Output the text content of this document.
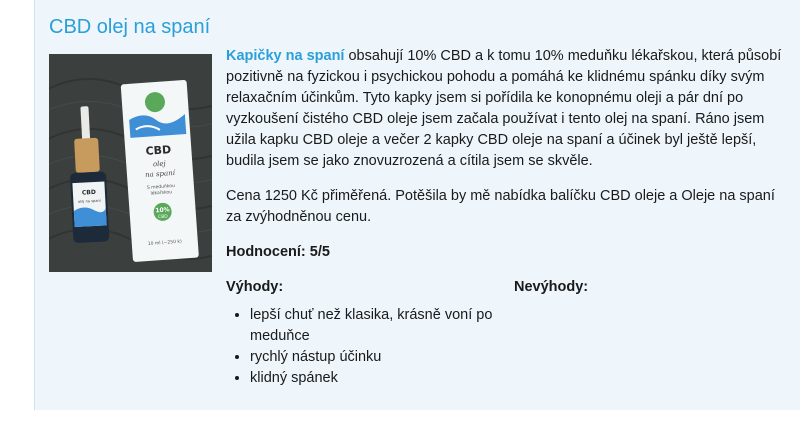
CBD olej na spaní
CBD
olej
na spaní
S meduňkou
lékařskou
10%
CBD
10 ml (~250 k)
CBD
olej na spaní

Kapičky na spaní obsahují 10% CBD a k tomu 10% meduňku lékařskou, která působí pozitivně na fyzickou i psychickou pohodu a pomáhá ke klidnému spánku díky svým relaxačním účinkům. Tyto kapky jsem si pořídila ke konopnému oleji a pár dní po vyzkoušení čistého CBD oleje jsem začala používat i tento olej na spaní. Ráno jsem užila kapku CBD oleje a večer 2 kapky CBD oleje na spaní a účinek byl ještě lepší, budila jsem se jako znovuzrozená a cítila jsem se skvěle.

Cena 1250 Kč přiměřená. Potěšila by mě nabídka balíčku CBD oleje a Oleje na spaní za zvýhodněnou cenu.

Hodnocení: 5/5

Výhody:	Nevýhody:

• lepší chuť než klasika, krásně voní po meduňce
• rychlý nástup účinku
• klidný spánek
